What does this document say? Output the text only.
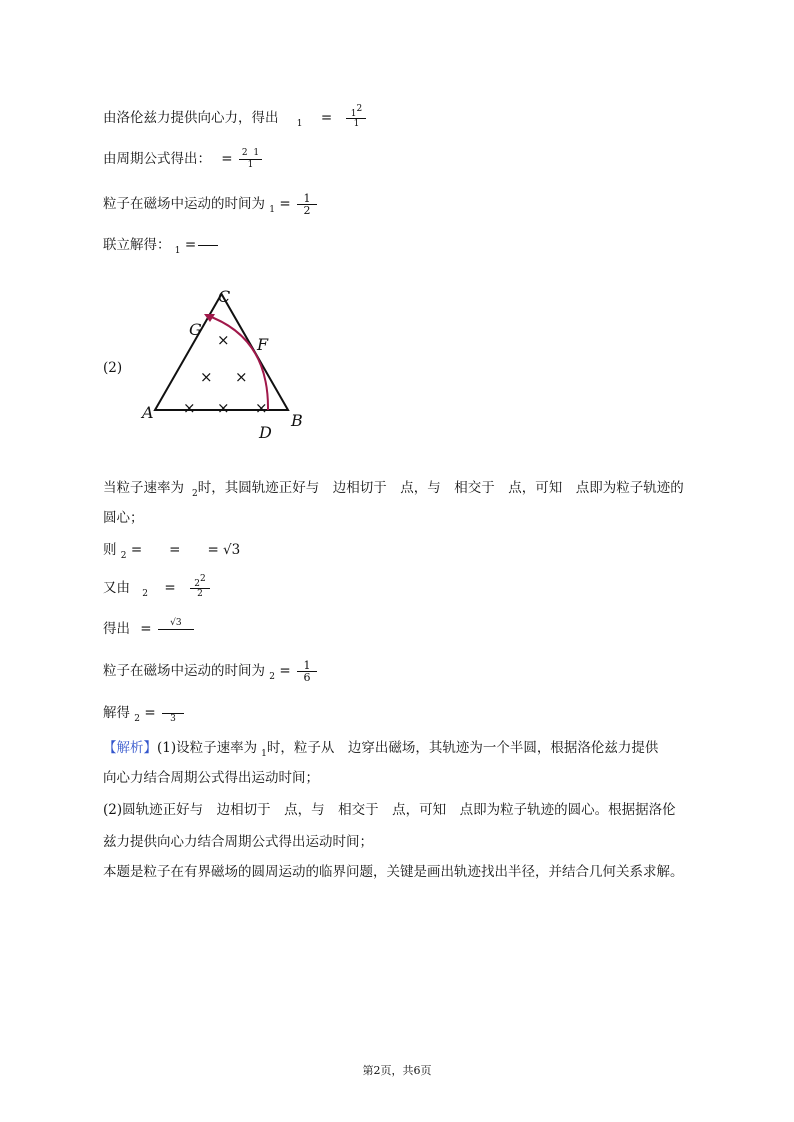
由洛伦兹力提供向心力，得出 $_1 = \frac{12}{1}$
由周期公式得出： = $\frac{2 1}{1}$
粒子在磁场中运动的时间为 $_1 = \frac{1}{2}$
联立解得： $_1$ =
(2)
×
× ×
× × ×
C
G
F
A	B
D
当粒子速率为 $_2$时，其圆轨迹正好与　边相切于　点，与　相交于　点，可知　点即为粒子轨迹的
圆心；
则 $_2$ =　　=　　= √3
又由 $_2 = \frac{22}{2}$
得出 =	√3

粒子在磁场中运动的时间为 $_2 = \frac{1}{6}$
解得 $_2$ =
	3
【解析】(1)设粒子速率为 $_1$时，粒子从　边穿出磁场，其轨迹为一个半圆，根据洛伦兹力提供
向心力结合周期公式得出运动时间；
(2)圆轨迹正好与　边相切于　点，与　相交于　点，可知　点即为粒子轨迹的圆心。根据据洛伦
兹力提供向心力结合周期公式得出运动时间；
本题是粒子在有界磁场的圆周运动的临界问题，关键是画出轨迹找出半径，并结合几何关系求解。
第2页，共6页
